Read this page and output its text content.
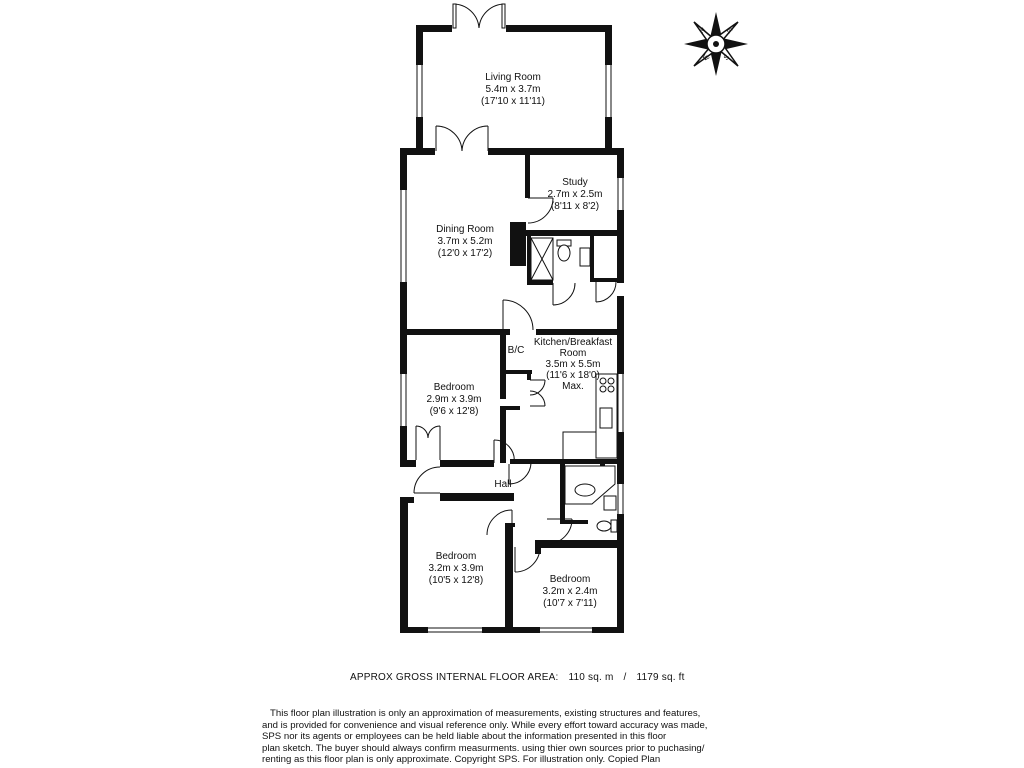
N	E
S
W
Living Room
5.4m x 3.7m
(17'10 x 11'11)
Study
2.7m x 2.5m
(8'11 x 8'2)
Dining Room
3.7m x 5.2m
(12'0 x 17'2)
Kitchen/Breakfast
Room
3.5m x 5.5m
(11'6 x 18'0)
Max.
B/C
Bedroom
2.9m x 3.9m
(9'6 x 12'8)
Hall
Bedroom
3.2m x 3.9m
(10'5 x 12'8)	Bedroom
3.2m x 2.4m
(10'7 x 7'11)
APPROX GROSS INTERNAL FLOOR AREA: 110 sq. m / 1179 sq. ft
This floor plan illustration is only an approximation of measurements, existing structures and features,
and is provided for convenience and visual reference only. While every effort toward accuracy was made,
SPS nor its agents or employees can be held liable about the information presented in this floor
plan sketch. The buyer should always confirm measurments. using thier own sources prior to puchasing/
renting as this floor plan is only approximate. Copyright SPS. For illustration only. Copied Plan
